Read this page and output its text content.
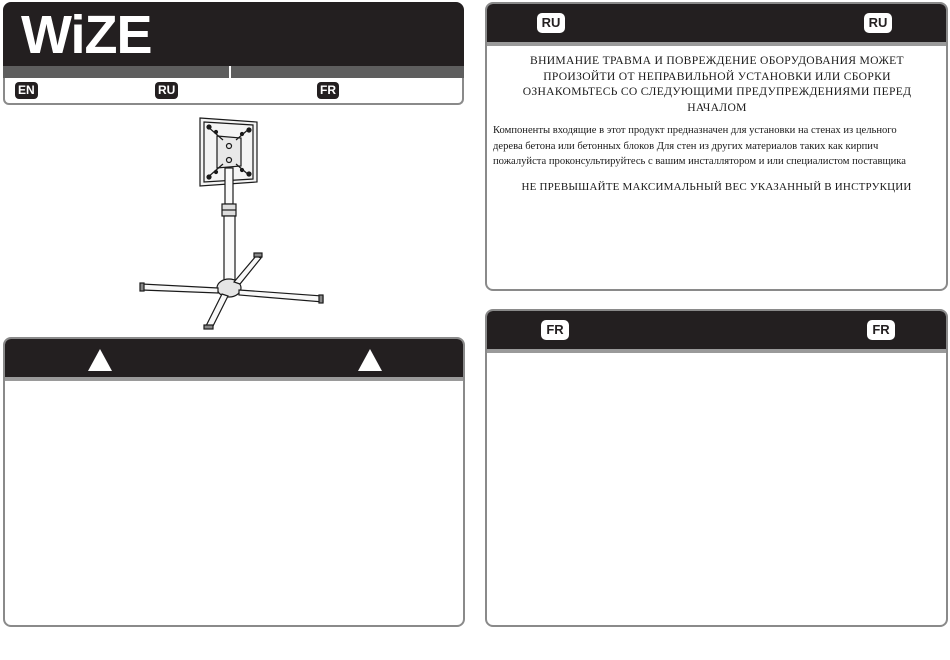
WiZE
EN	RU	FR
RU	RU
ВНИМАНИЕ ТРАВМА И ПОВРЕЖДЕНИЕ ОБОРУДОВАНИЯ МОЖЕТ
ПРОИЗОЙТИ ОТ НЕПРАВИЛЬНОЙ УСТАНОВКИ ИЛИ СБОРКИ
ОЗНАКОМЬТЕСЬ СО СЛЕДУЮЩИМИ ПРЕДУПРЕЖДЕНИЯМИ ПЕРЕД
НАЧАЛОМ
Компоненты входящие в этот продукт предназначен для установки на стенах из цельного
дерева бетона или бетонных блоков Для стен из других материалов таких как кирпич
пожалуйста проконсультируйтесь с вашим инсталлятором и или специалистом поставщика
НЕ ПРЕВЫШАЙТЕ МАКСИМАЛЬНЫЙ ВЕС УКАЗАННЫЙ В ИНСТРУКЦИИ
FR	FR
